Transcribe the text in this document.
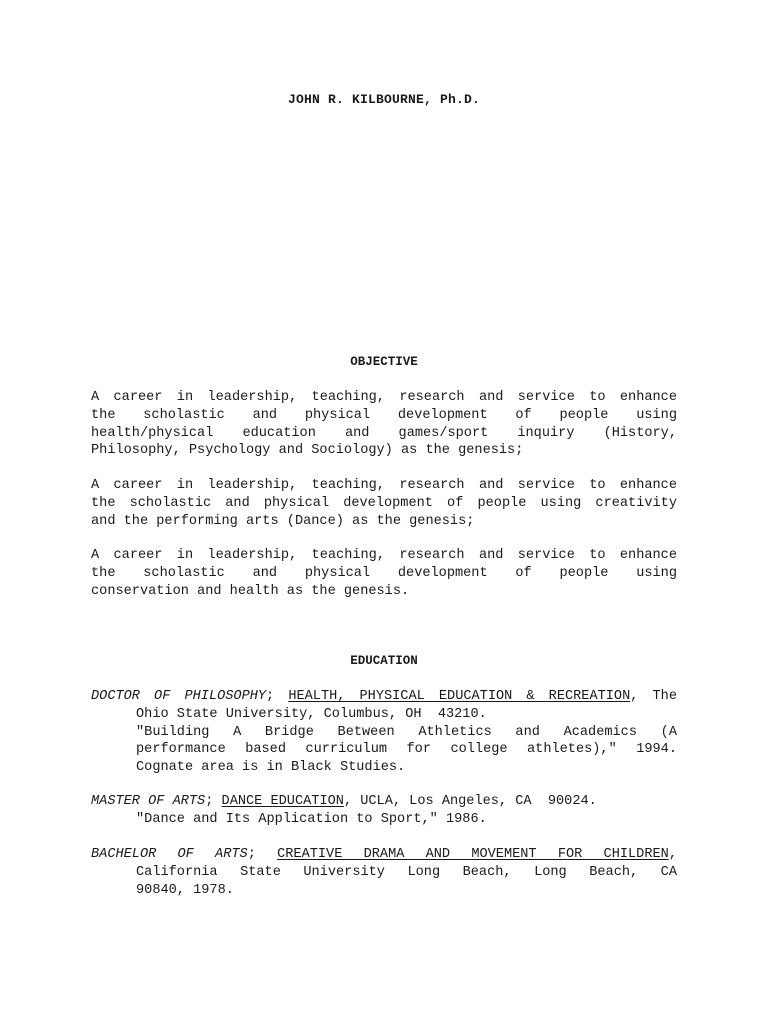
JOHN R. KILBOURNE, Ph.D.
OBJECTIVE
A career in leadership, teaching, research and service to enhance
the scholastic and physical development of people using
health/physical education and games/sport inquiry (History,
Philosophy, Psychology and Sociology) as the genesis;
A career in leadership, teaching, research and service to enhance
the scholastic and physical development of people using creativity
and the performing arts (Dance) as the genesis;
A career in leadership, teaching, research and service to enhance
the scholastic and physical development of people using
conservation and health as the genesis.
EDUCATION
DOCTOR OF PHILOSOPHY; HEALTH, PHYSICAL EDUCATION & RECREATION, The
Ohio State University, Columbus, OH  43210.
"Building A Bridge Between Athletics and Academics (A
performance based curriculum for college athletes)," 1994.
Cognate area is in Black Studies.
MASTER OF ARTS; DANCE EDUCATION, UCLA, Los Angeles, CA  90024.
"Dance and Its Application to Sport," 1986.
BACHELOR OF ARTS; CREATIVE DRAMA AND MOVEMENT FOR CHILDREN,
California State University Long Beach, Long Beach, CA
90840, 1978.
